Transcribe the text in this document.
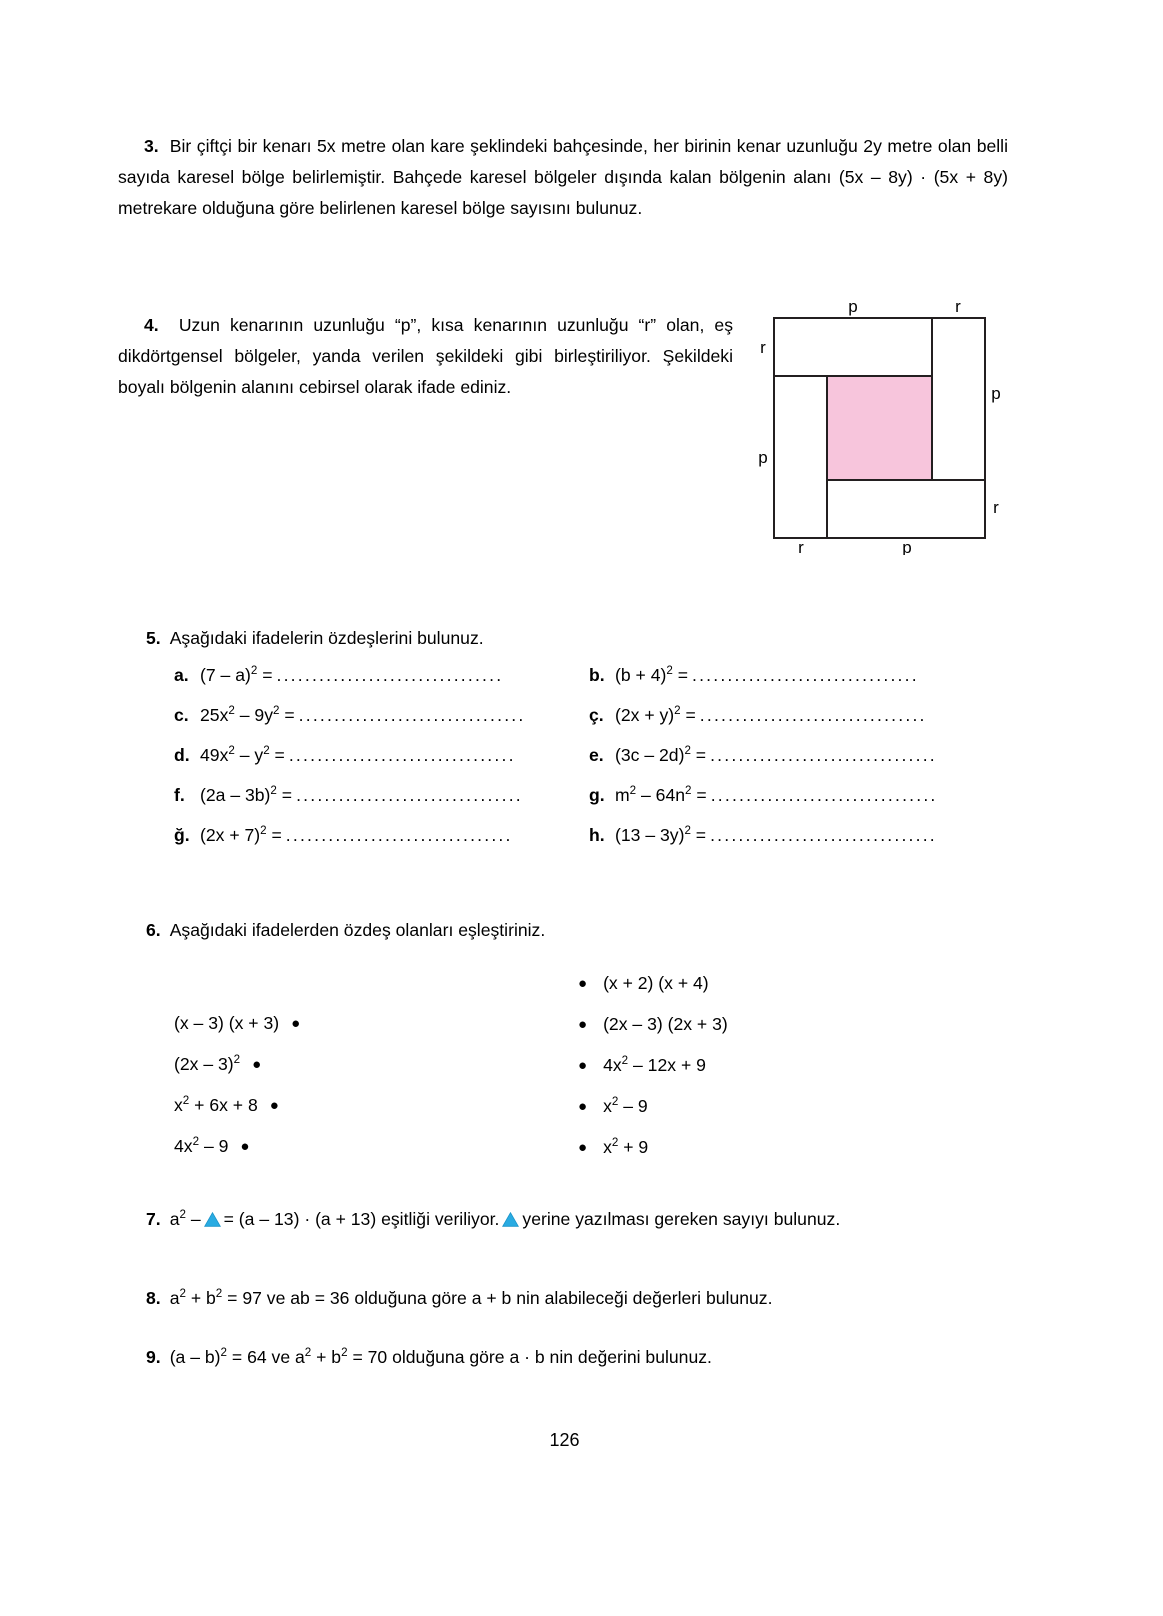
3. Bir çiftçi bir kenarı 5x metre olan kare şeklindeki bahçesinde, her birinin kenar uzunluğu 2y metre olan belli sayıda karesel bölge belirlemiştir. Bahçede karesel bölgeler dışında kalan bölgenin alanı (5x – 8y) · (5x + 8y) metrekare olduğuna göre belirlenen karesel bölge sayısını bulunuz.
4. Uzun kenarının uzunluğu “p”, kısa kenarının uzunluğu “r” olan, eş dikdörtgensel bölgeler, yanda verilen şekildeki gibi birleştiriliyor. Şekildeki boyalı bölgenin alanını cebirsel olarak ifade ediniz.
p	r
r
p
p
r
r	p
5. Aşağıdaki ifadelerin özdeşlerini bulunuz.
a. (7 – a)$^2$ = ................................	b. $(b + 4)^2$ = ................................
c. $25x^2 - 9y^2$ = ................................	ç. $(2x + y)^2$ = ................................
d. $49x^2 - y^2$ = ................................	e. (3c – 2d)$^2$ = ................................
f. (2a – 3b)$^2$ = ................................	g. $m^2 - 64n^2$ = ................................
ğ. $(2x + 7)^2$ = ................................	h. (13 – 3y)$^2$ = ................................
6. Aşağıdaki ifadelerden özdeş olanları eşleştiriniz.
(x – 3) (x + 3) ●
(2x – 3)$^2$ ●
$x^2 + 6x + 8$ ●
$4x^2 - 9$ ●
● (x + 2) (x + 4)
● (2x – 3) (2x + 3)
● $4x^2 - 12x + 9$
● $x^2 - 9$
● $x^2 + 9$
7. $a^2$ – = (a – 13) · (a + 13) eşitliği veriliyor. yerine yazılması gereken sayıyı bulunuz.
8. $a^2 + b^2 = 97$ ve ab = 36 olduğuna göre a + b nin alabileceği değerleri bulunuz.
9. (a – b)$^2$ = 64 ve $a^2 + b^2 = 70$ olduğuna göre a · b nin değerini bulunuz.
126
